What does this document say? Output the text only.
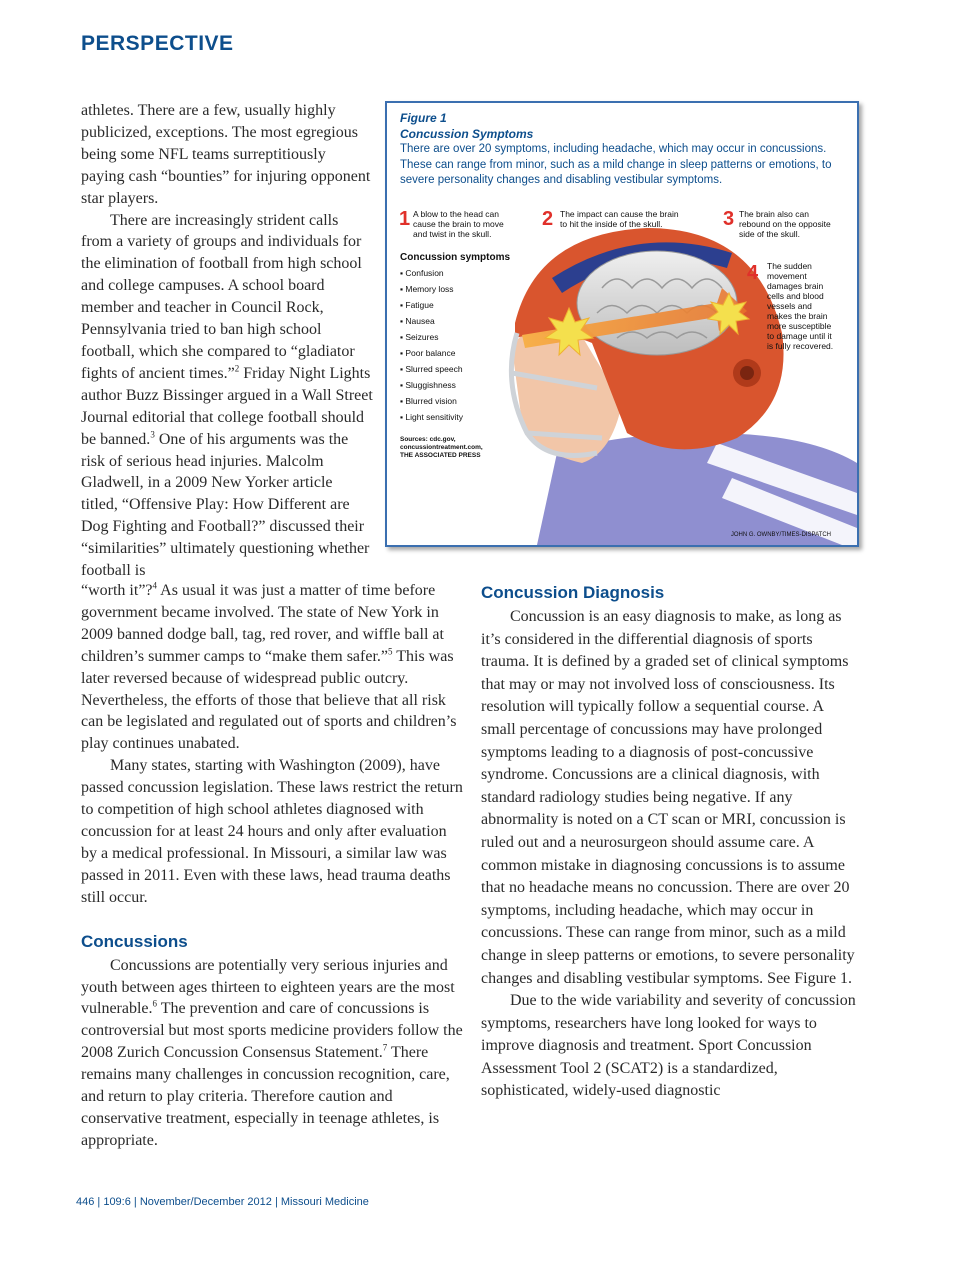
PERSPECTIVE

athletes. There are a few, usually highly publicized, exceptions. The most egregious being some NFL teams surreptitiously paying cash “bounties” for injuring opponent star players.

There are increasingly strident calls from a variety of groups and individuals for the elimination of football from high school and college campuses. A school board member and teacher in Council Rock, Pennsylvania tried to ban high school football, which she compared to “gladiator fights of ancient times.”$^2$ Friday Night Lights author Buzz Bissinger argued in a Wall Street Journal editorial that college football should be banned.$^3$ One of his arguments was the risk of serious head injuries. Malcolm Gladwell, in a 2009 New Yorker article titled, “Offensive Play: How Different are Dog Fighting and Football?” discussed their “similarities” ultimately questioning whether football is

“worth it”?$^4$ As usual it was just a matter of time before government became involved. The state of New York in 2009 banned dodge ball, tag, red rover, and wiffle ball at children’s summer camps to “make them safer.”$^5$ This was later reversed because of widespread public outcry. Nevertheless, the efforts of those that believe that all risk can be legislated and regulated out of sports and children’s play continues unabated.

Many states, starting with Washington (2009), have passed concussion legislation. These laws restrict the return to competition of high school athletes diagnosed with concussion for at least 24 hours and only after evaluation by a medical professional. In Missouri, a similar law was passed in 2011. Even with these laws, head trauma deaths still occur.

Concussions

Concussions are potentially very serious injuries and youth between ages thirteen to eighteen years are the most vulnerable.$^6$ The prevention and care of concussions is controversial but most sports medicine providers follow the 2008 Zurich Concussion Consensus Statement.$^7$ There remains many challenges in concussion recognition, care, and return to play criteria. Therefore caution and conservative treatment, especially in teenage athletes, is appropriate.

Concussion Diagnosis

Concussion is an easy diagnosis to make, as long as it’s considered in the differential diagnosis of sports trauma. It is defined by a graded set of clinical symptoms that may or may not involved loss of consciousness. Its resolution will typically follow a sequential course. A small percentage of concussions may have prolonged symptoms leading to a diagnosis of post-concussive syndrome. Concussions are a clinical diagnosis, with standard radiology studies being negative. If any abnormality is noted on a CT scan or MRI, concussion is ruled out and a neurosurgeon should assume care. A common mistake in diagnosing concussions is to assume that no headache means no concussion. There are over 20 symptoms, including headache, which may occur in concussions. These can range from minor, such as a mild change in sleep patterns or emotions, to severe personality changes and disabling vestibular symptoms. See Figure 1.

Due to the wide variability and severity of concussion symptoms, researchers have long looked for ways to improve diagnosis and treatment. Sport Concussion Assessment Tool 2 (SCAT2) is a standardized, sophisticated, widely-used diagnostic

Figure 1
Concussion Symptoms
There are over 20 symptoms, including headache, which may occur in concussions. These can range from minor, such as a mild change in sleep patterns or emotions, to severe personality changes and disabling vestibular symptoms.
1 A blow to the head can
cause the brain to move
and twist in the skull.
2 The impact can cause the brain
to hit the inside of the skull.	3 The brain also can
rebound on the opposite
side of the skull.
4 The sudden
movement
damages brain
cells and blood
vessels and
makes the brain
more susceptible
to damage until it
is fully recovered.
Concussion symptoms
▪ Confusion
▪ Memory loss
▪ Fatigue
▪ Nausea
▪ Seizures
▪ Poor balance
▪ Slurred speech
▪ Sluggishness
▪ Blurred vision
▪ Light sensitivity
Sources: cdc.gov,
concussiontreatment.com,
THE ASSOCIATED PRESS
JOHN G. OWNBY/TIMES-DISPATCH
446 | 109:6 | November/December 2012 | Missouri Medicine
